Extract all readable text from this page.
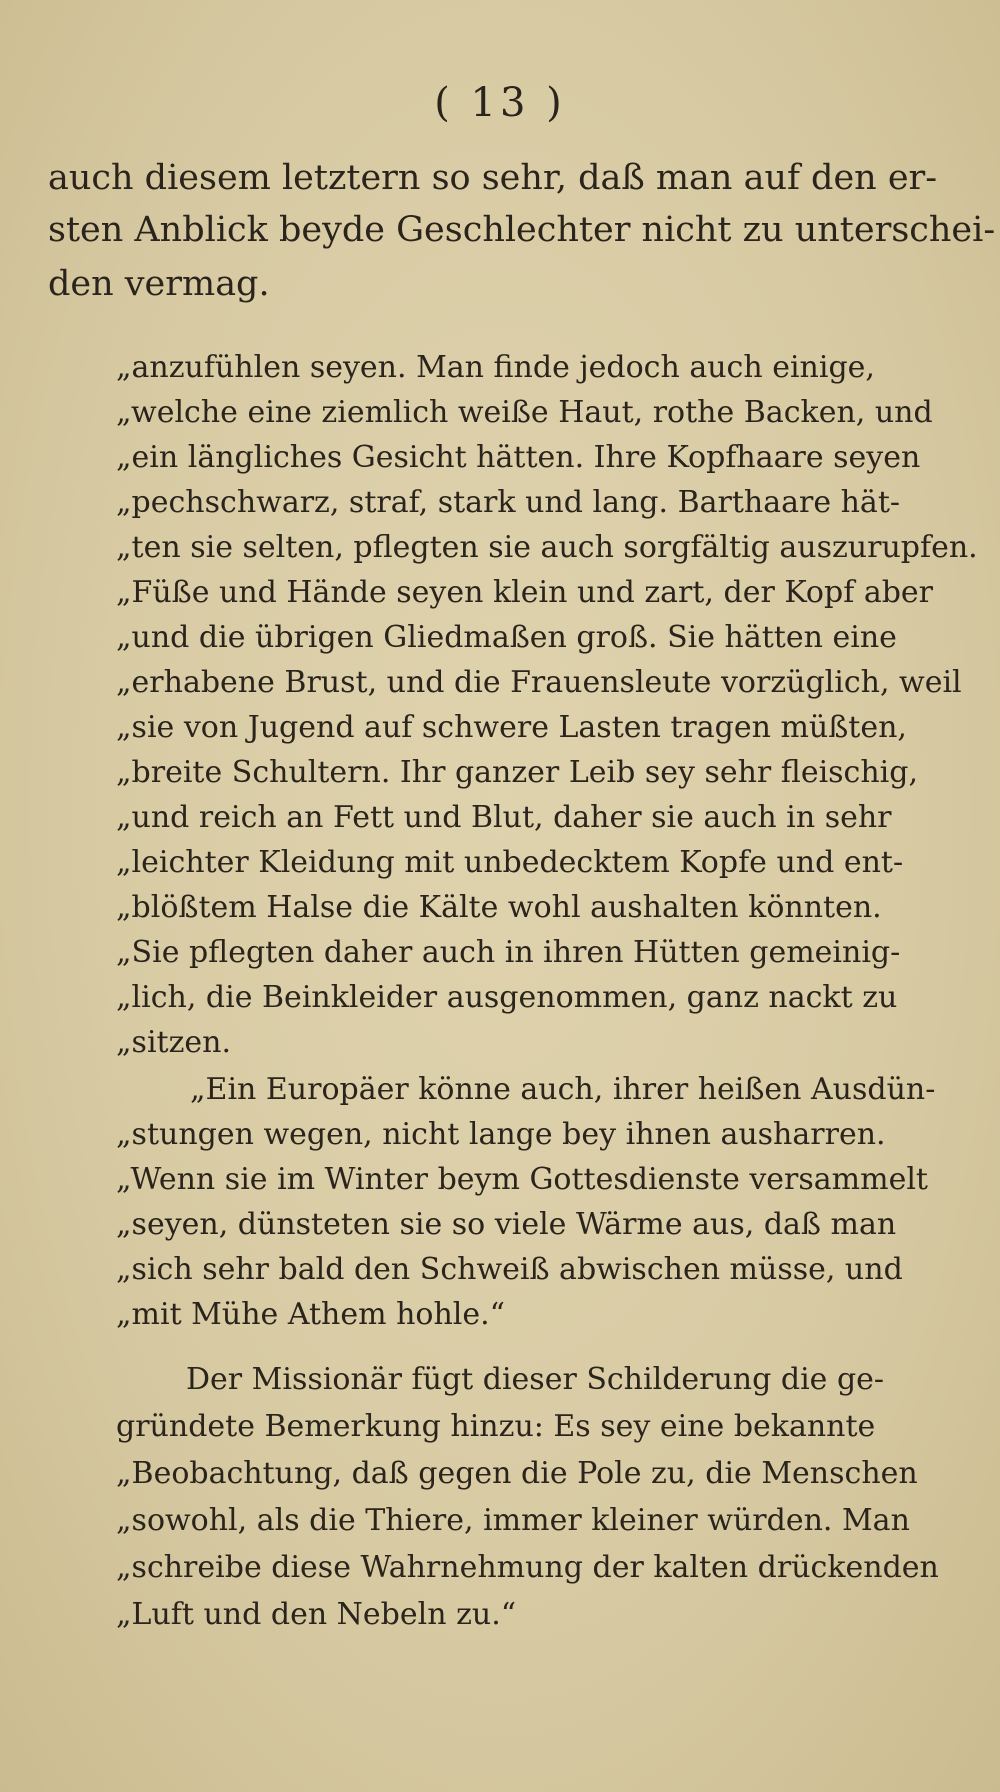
( 13 )
auch diesem letztern so sehr, daß man auf den er-
sten Anblick beyde Geschlechter nicht zu unterschei-
den vermag.
„anzufühlen seyen. Man finde jedoch auch einige,
„welche eine ziemlich weiße Haut, rothe Backen, und
„ein längliches Gesicht hätten. Ihre Kopfhaare seyen
„pechschwarz, straf, stark und lang. Barthaare hät-
„ten sie selten, pflegten sie auch sorgfältig auszurupfen.
„Füße und Hände seyen klein und zart, der Kopf aber
„und die übrigen Gliedmaßen groß. Sie hätten eine
„erhabene Brust, und die Frauensleute vorzüglich, weil
„sie von Jugend auf schwere Lasten tragen müßten,
„breite Schultern. Ihr ganzer Leib sey sehr fleischig,
„und reich an Fett und Blut, daher sie auch in sehr
„leichter Kleidung mit unbedecktem Kopfe und ent-
„blößtem Halse die Kälte wohl aushalten könnten.
„Sie pflegten daher auch in ihren Hütten gemeinig-
„lich, die Beinkleider ausgenommen, ganz nackt zu
„sitzen.
„Ein Europäer könne auch, ihrer heißen Ausdün-
„stungen wegen, nicht lange bey ihnen ausharren.
„Wenn sie im Winter beym Gottesdienste versammelt
„seyen, dünsteten sie so viele Wärme aus, daß man
„sich sehr bald den Schweiß abwischen müsse, und
„mit Mühe Athem hohle.“
Der Missionär fügt dieser Schilderung die ge-
gründete Bemerkung hinzu: Es sey eine bekannte
„Beobachtung, daß gegen die Pole zu, die Menschen
„sowohl, als die Thiere, immer kleiner würden. Man
„schreibe diese Wahrnehmung der kalten drückenden
„Luft und den Nebeln zu.“
